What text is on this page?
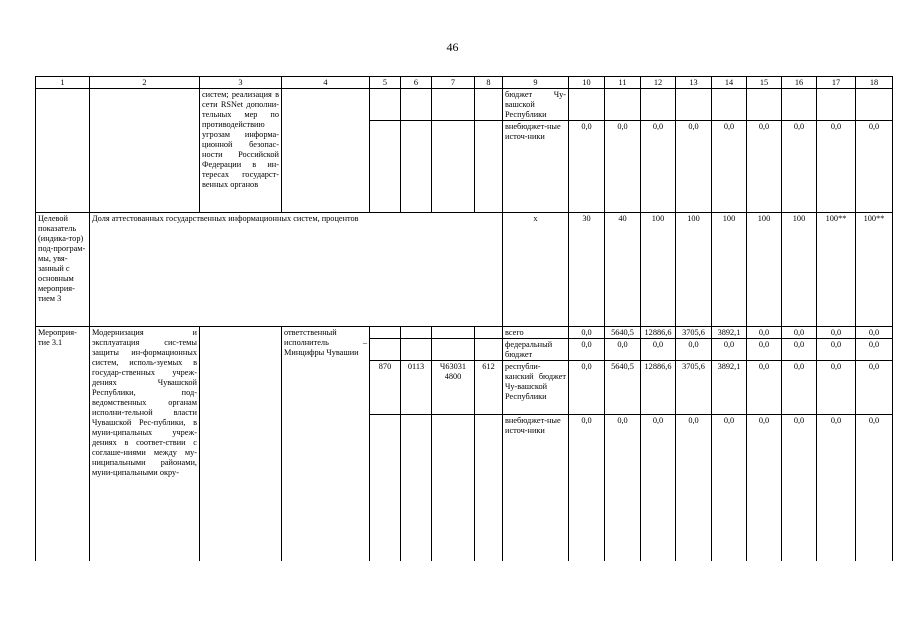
46
1	2	3	4	5	6	7	8	9	10	11	12	13	14	15	16	17	18
		систем; реализация в сети RSNet дополни-тельных мер по противодействию угрозам информа-ционной безопас-ности Российской Федерации в ин-тересах государст-венных органов						бюджет Чу-вашской Республики									
								внебюджет-ные источ-ники	0,0	0,0	0,0	0,0	0,0	0,0	0,0	0,0	0,0
Целевой показатель (индика-тор) под-програм-мы, увя-занный с основным мероприя-тием 3	Доля аттестованных государственных информационных систем, процентов							x	30	40	100	100	100	100	100	100**	100**
Мероприя-тие 3.1	Модернизация и эксплуатация сис-темы защиты ин-формационных систем, исполь-зуемых в государ-ственных учреж-дениях Чувашской Республики, под-ведомственных органам исполни-тельной власти Чувашской Рес-публики, в муни-ципальных учреж-дениях в соответ-ствии с соглаше-ниями между му-ниципальными районами, муни-ципальными окру-		ответственный исполнитель – Минцифры Чувашии					всего	0,0	5640,5	12886,6	3705,6	3892,1	0,0	0,0	0,0	0,0
								федеральный бюджет	0,0	0,0	0,0	0,0	0,0	0,0	0,0	0,0	0,0
				870	0113	Ч63031 4800	612	республи-канский бюджет Чу-вашской Республики	0,0	5640,5	12886,6	3705,6	3892,1	0,0	0,0	0,0	0,0
								внебюджет-ные источ-ники	0,0	0,0	0,0	0,0	0,0	0,0	0,0	0,0	0,0
